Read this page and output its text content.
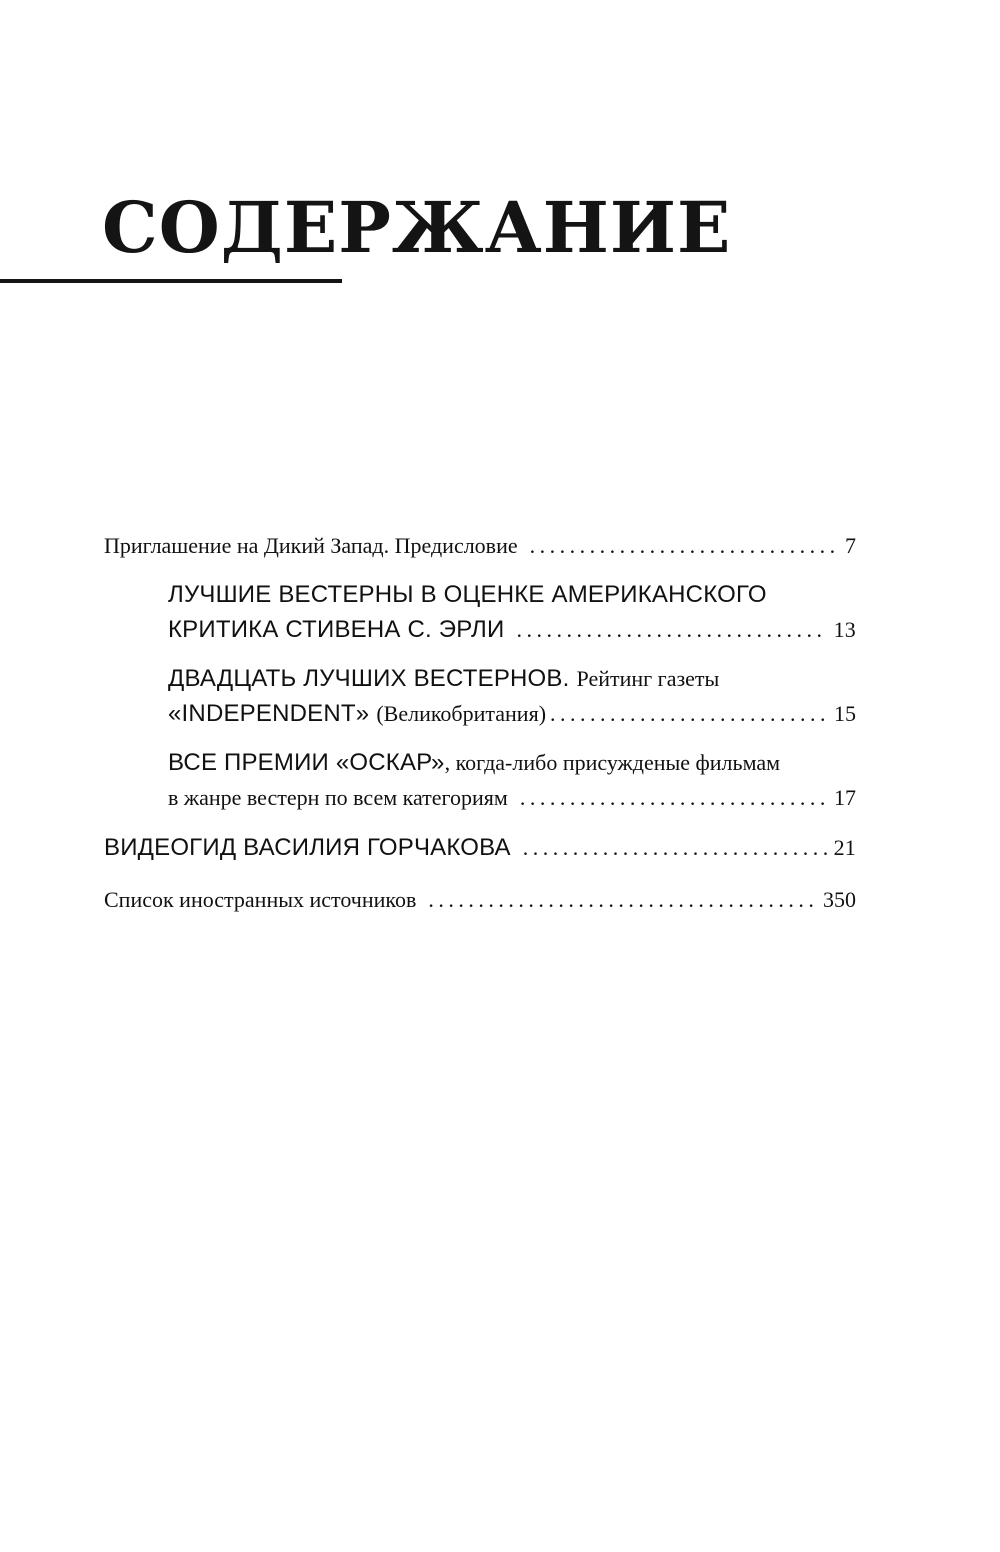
СОДЕРЖАНИЕ
Приглашение на Дикий Запад. Предисловие . . .	7
ЛУЧШИЕ ВЕСТЕРНЫ В ОЦЕНКЕ АМЕРИКАНСКОГО
КРИТИКА СТИВЕНА С. ЭРЛИ . . .	13
ДВАДЦАТЬ ЛУЧШИХ ВЕСТЕРНОВ. Рейтинг газеты
«INDEPENDENT» (Великобритания) . . .	15
ВСЕ ПРЕМИИ «ОСКАР» , когда-либо присужденые фильмам
в жанре вестерн по всем категориям . . .	17
ВИДЕОГИД ВАСИЛИЯ ГОРЧАКОВА . . .	21
Список иностранных источников . . .	350
